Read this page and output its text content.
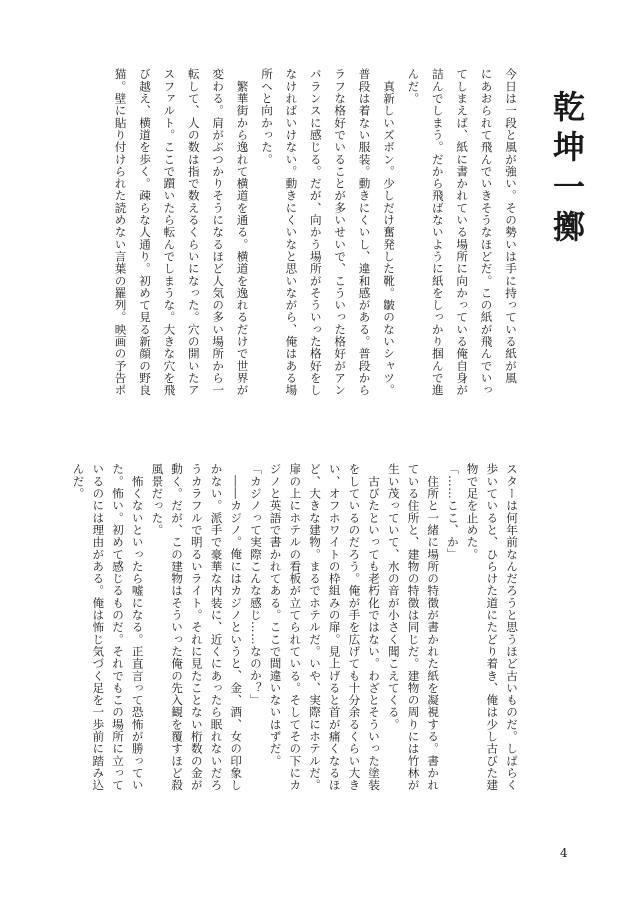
乾坤一擲
今日は一段と風が強い。その勢いは手に持っている紙が風
にあおられて飛んでいきそうなほどだ。この紙が飛んでいっ
てしまえば、紙に書かれている場所に向かっている俺自身が
詰んでしまう。だから飛ばないように紙をしっかり掴んで進
んだ。
　真新しいズボン。少しだけ奮発した靴。皺のないシャツ。
普段は着ない服装。動きにくいし、違和感がある。普段から
ラフな格好でいることが多いせいで、こういった格好がアン
バランスに感じる。だが、向かう場所がそういった格好をし
なければいけない。動きにくいなと思いながら、俺はある場
所へと向かった。
　繁華街から逸れて横道を通る。横道を逸れるだけで世界が
変わる。肩がぶつかりそうになるほど人気の多い場所から一
転して、人の数は指で数えるくらいになった。穴の開いたア
スファルト。ここで躓いたら転んでしまうな。大きな穴を飛
び越え、横道を歩く。疎らな人通り。初めて見る新顔の野良
猫。壁に貼り付けられた読めない言葉の羅列。映画の予告ポ
スターは何年前なんだろうと思うほど古いものだ。しばらく
歩いていると、ひらけた道にたどり着き、俺は少し古びた建
物で足を止めた。
「……ここ、か」
　住所と一緒に場所の特徴が書かれた紙を凝視する。書かれ
ている住所と、建物の特徴は同じだ。建物の周りには竹林が
生い茂っていて、水の音が小さく聞こえてくる。
　古びたといっても老朽化ではない。わざとそういった塗装
をしているのだろう。俺が手を広げても十分余るくらい大き
い、オフホワイトの枠組みの扉。見上げると首が痛くなるほ
ど、大きな建物。まるでホテルだ。いや、実際にホテルだ。
扉の上にホテルの看板が立てられている。そしてその下にカ
ジノと英語で書かれてある。ここで間違いないはずだ。
「カジノって実際こんな感じ……なのか？」
　――カジノ。俺にはカジノというと、金、酒、女の印象し
かない。派手で豪華な内装に、近くにあったら眠れないだろ
うカラフルで明るいライト。それに見たことない桁数の金が
動く。だが、この建物はそういった俺の先入観を覆すほど殺
風景だった。
　怖くないといったら嘘になる。正直言って恐怖が勝ってい
た。怖い。初めて感じるものだ。それでもこの場所に立って
いるのには理由がある。俺は怖じ気づく足を一歩前に踏み込
んだ。
4
